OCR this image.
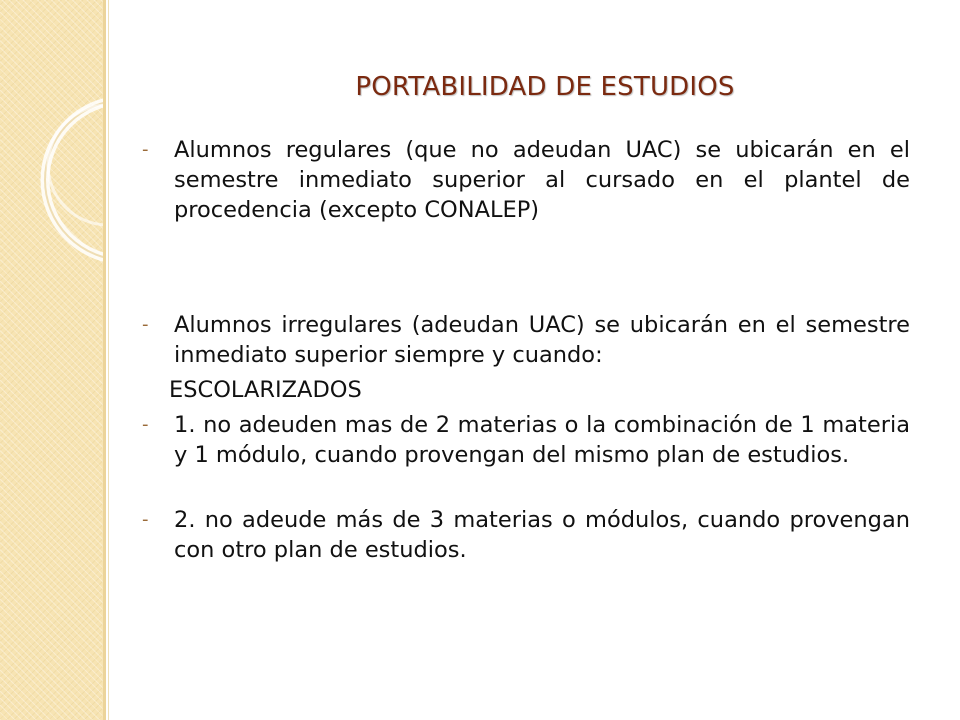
PORTABILIDAD DE ESTUDIOS
- Alumnos regulares (que no adeudan UAC) se ubicarán en el semestre inmediato superior al cursado en el plantel de procedencia (excepto CONALEP)
- Alumnos irregulares (adeudan UAC) se ubicarán en el semestre inmediato superior siempre y cuando:
ESCOLARIZADOS
- 1. no adeuden mas de 2 materias o la combinación de 1 materia y 1 módulo, cuando provengan del mismo plan de estudios.
- 2. no adeude más de 3 materias o módulos, cuando provengan con otro plan de estudios.
